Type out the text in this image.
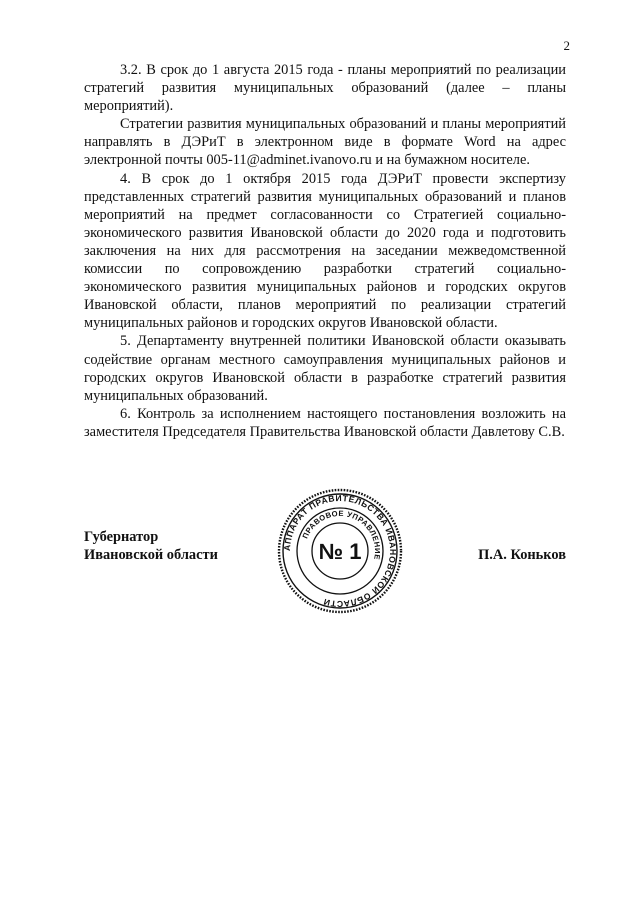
2

3.2. В срок до 1 августа 2015 года - планы мероприятий по реализации стратегий развития муниципальных образований (далее – планы мероприятий).

Стратегии развития муниципальных образований и планы мероприятий направлять в ДЭРиТ в электронном виде в формате Word на адрес электронной почты 005-11@adminet.ivanovo.ru и на бумажном носителе.

4. В срок до 1 октября 2015 года ДЭРиТ провести экспертизу представленных стратегий развития муниципальных образований и планов мероприятий на предмет согласованности со Стратегией социально-экономического развития Ивановской области до 2020 года и подготовить заключения на них для рассмотрения на заседании межведомственной комиссии по сопровождению разработки стратегий социально-экономического развития муниципальных районов и городских округов Ивановской области, планов мероприятий по реализации стратегий муниципальных районов и городских округов Ивановской области.

5. Департаменту внутренней политики Ивановской области оказывать содействие органам местного самоуправления муниципальных районов и городских округов Ивановской области в разработке стратегий развития муниципальных образований.

6. Контроль за исполнением настоящего постановления возложить на заместителя Председателя Правительства Ивановской области Давлетову С.В.

Губернатор
Ивановской области	П.А. Коньков
АППАРАТ ПРАВИТЕЛЬСТВА ИВАНОВСКОЙ ОБЛАСТИ
ПРАВОВОЕ УПРАВЛЕНИЕ
№ 1
